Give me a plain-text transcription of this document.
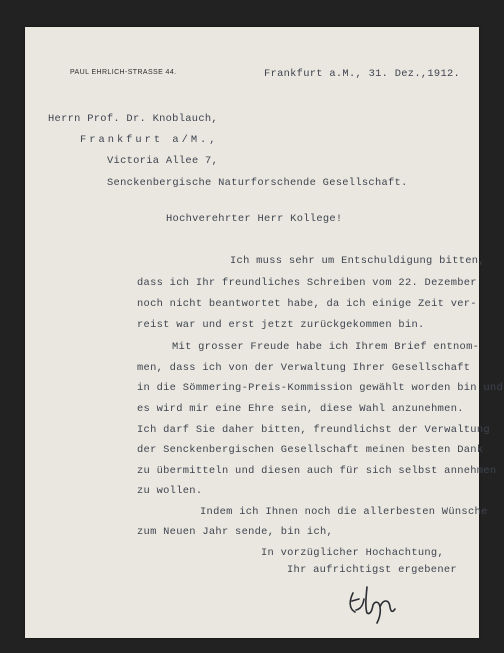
PAUL EHRLICH-STRASSE 44.	Frankfurt a.M., 31. Dez.,1912.
Herrn Prof. Dr. Knoblauch,
Frankfurt a/M.,
Victoria Allee 7,
Senckenbergische Naturforschende Gesellschaft.
Hochverehrter Herr Kollege!
Ich muss sehr um Entschuldigung bitten,
dass ich Ihr freundliches Schreiben vom 22. Dezember
noch nicht beantwortet habe, da ich einige Zeit ver-
reist war und erst jetzt zurückgekommen bin.
Mit grosser Freude habe ich Ihrem Brief entnom-
men, dass ich von der Verwaltung Ihrer Gesellschaft
in die Sömmering-Preis-Kommission gewählt worden bin und
es wird mir eine Ehre sein, diese Wahl anzunehmen.
Ich darf Sie daher bitten, freundlichst der Verwaltung
der Senckenbergischen Gesellschaft meinen besten Dank
zu übermitteln und diesen auch für sich selbst annehmen
zu wollen.
Indem ich Ihnen noch die allerbesten Wünsche
zum Neuen Jahr sende, bin ich,
In vorzüglicher Hochachtung,
Ihr aufrichtigst ergebener
